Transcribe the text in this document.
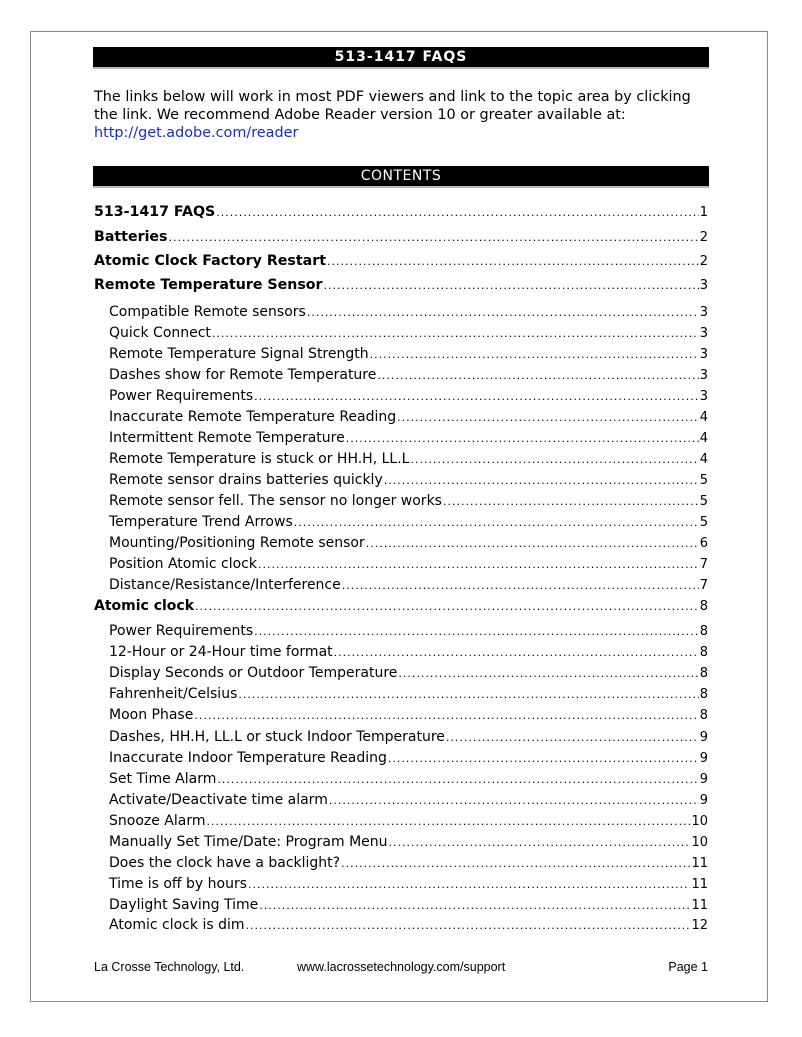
513-1417 FAQS
The links below will work in most PDF viewers and link to the topic area by clicking the link. We recommend Adobe Reader version 10 or greater available at:
http://get.adobe.com/reader
CONTENTS
513-1417 FAQS .....	1
Batteries .....	2
Atomic Clock Factory Restart .....	2
Remote Temperature Sensor .....	3
Compatible Remote sensors .....	3
Quick Connect .....	3
Remote Temperature Signal Strength .....	3
Dashes show for Remote Temperature .....	3
Power Requirements .....	3
Inaccurate Remote Temperature Reading .....	4
Intermittent Remote Temperature .....	4
Remote Temperature is stuck or HH.H, LL.L .....	4
Remote sensor drains batteries quickly .....	5
Remote sensor fell. The sensor no longer works .....	5
Temperature Trend Arrows .....	5
Mounting/Positioning Remote sensor .....	6
Position Atomic clock .....	7
Distance/Resistance/Interference .....	7
Atomic clock .....	8
Power Requirements .....	8
12-Hour or 24-Hour time format .....	8
Display Seconds or Outdoor Temperature .....	8
Fahrenheit/Celsius .....	8
Moon Phase .....	8
Dashes, HH.H, LL.L or stuck Indoor Temperature .....	9
Inaccurate Indoor Temperature Reading .....	9
Set Time Alarm .....	9
Activate/Deactivate time alarm .....	9
Snooze Alarm .....	10
Manually Set Time/Date: Program Menu .....	10
Does the clock have a backlight? .....	11
Time is off by hours .....	11
Daylight Saving Time .....	11
Atomic clock is dim .....	12
La Crosse Technology, Ltd.	www.lacrossetechnology.com/support	Page 1
